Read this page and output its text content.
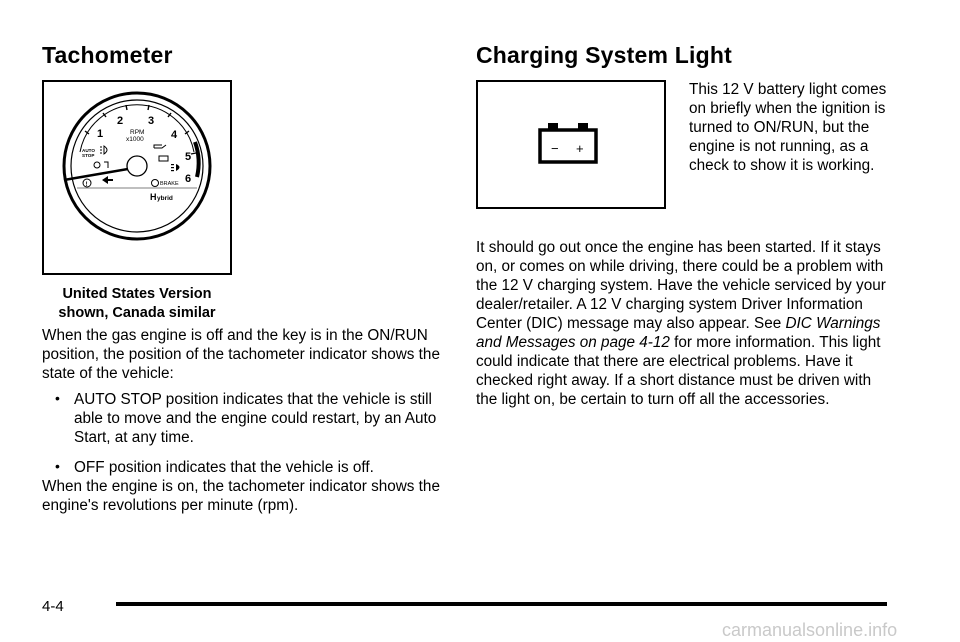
Tachometer
1
2 3
4
5
6
RPM
x1000
AUTO
STOP
!	BRAKE
H ybrid
United States Version
shown, Canada similar

When the gas engine is off and the key is in the ON/RUN position, the position of the tachometer indicator shows the state of the vehicle:

• AUTO STOP position indicates that the vehicle is still able to move and the engine could restart, by an Auto Start, at any time.
• OFF position indicates that the vehicle is off.

When the engine is on, the tachometer indicator shows the engine's revolutions per minute (rpm).

Charging System Light
− +

This 12 V battery light comes on briefly when the ignition is turned to ON/RUN, but the engine is not running, as a check to show it is working.

It should go out once the engine has been started. If it stays on, or comes on while driving, there could be a problem with the 12 V charging system. Have the vehicle serviced by your dealer/retailer. A 12 V charging system Driver Information Center (DIC) message may also appear. See DIC Warnings and Messages on page 4-12 for more information. This light could indicate that there are electrical problems. Have it checked right away. If a short distance must be driven with the light on, be certain to turn off all the accessories.

4-4
carmanualsonline.info
